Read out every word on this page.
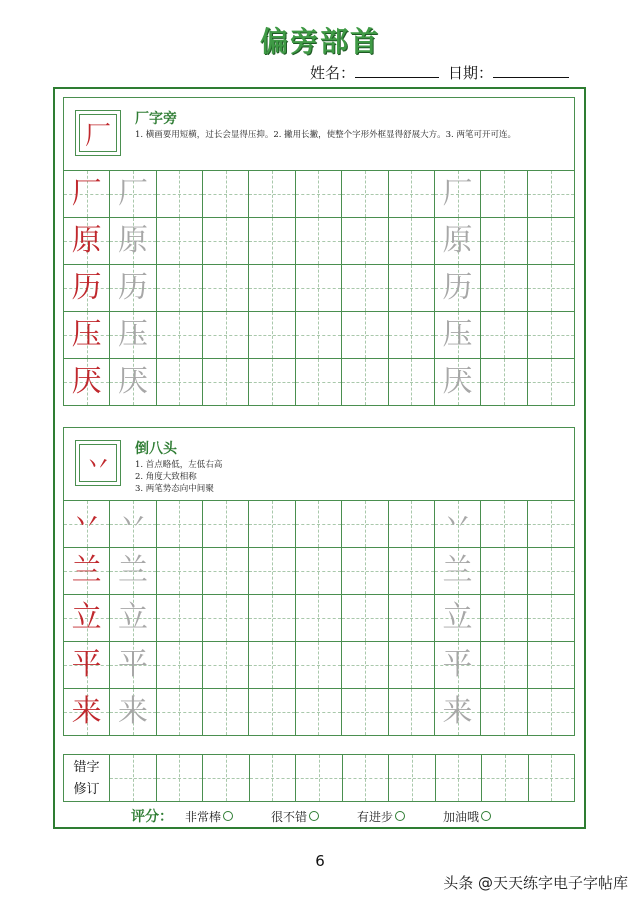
偏旁部首
姓名：	日期：
厂
厂字旁
1. 横画要用短横，过长会显得压抑。2. 撇用长撇，使整个字形外框显得舒展大方。3. 两笔可开可连。
厂 厂	厂
原 原	原
历 历	历
压 压	压
厌 厌	厌
丷
倒八头
1. 首点略低，左低右高
2. 角度大致相称
3. 两笔势态向中间聚
丷 丷	丷
兰 兰	兰
立 立	立
平 平	平
来 来	来
错字
修订
评分： 非常棒	很不错	有进步	加油哦
6
头条 @天天练字电子字帖库
